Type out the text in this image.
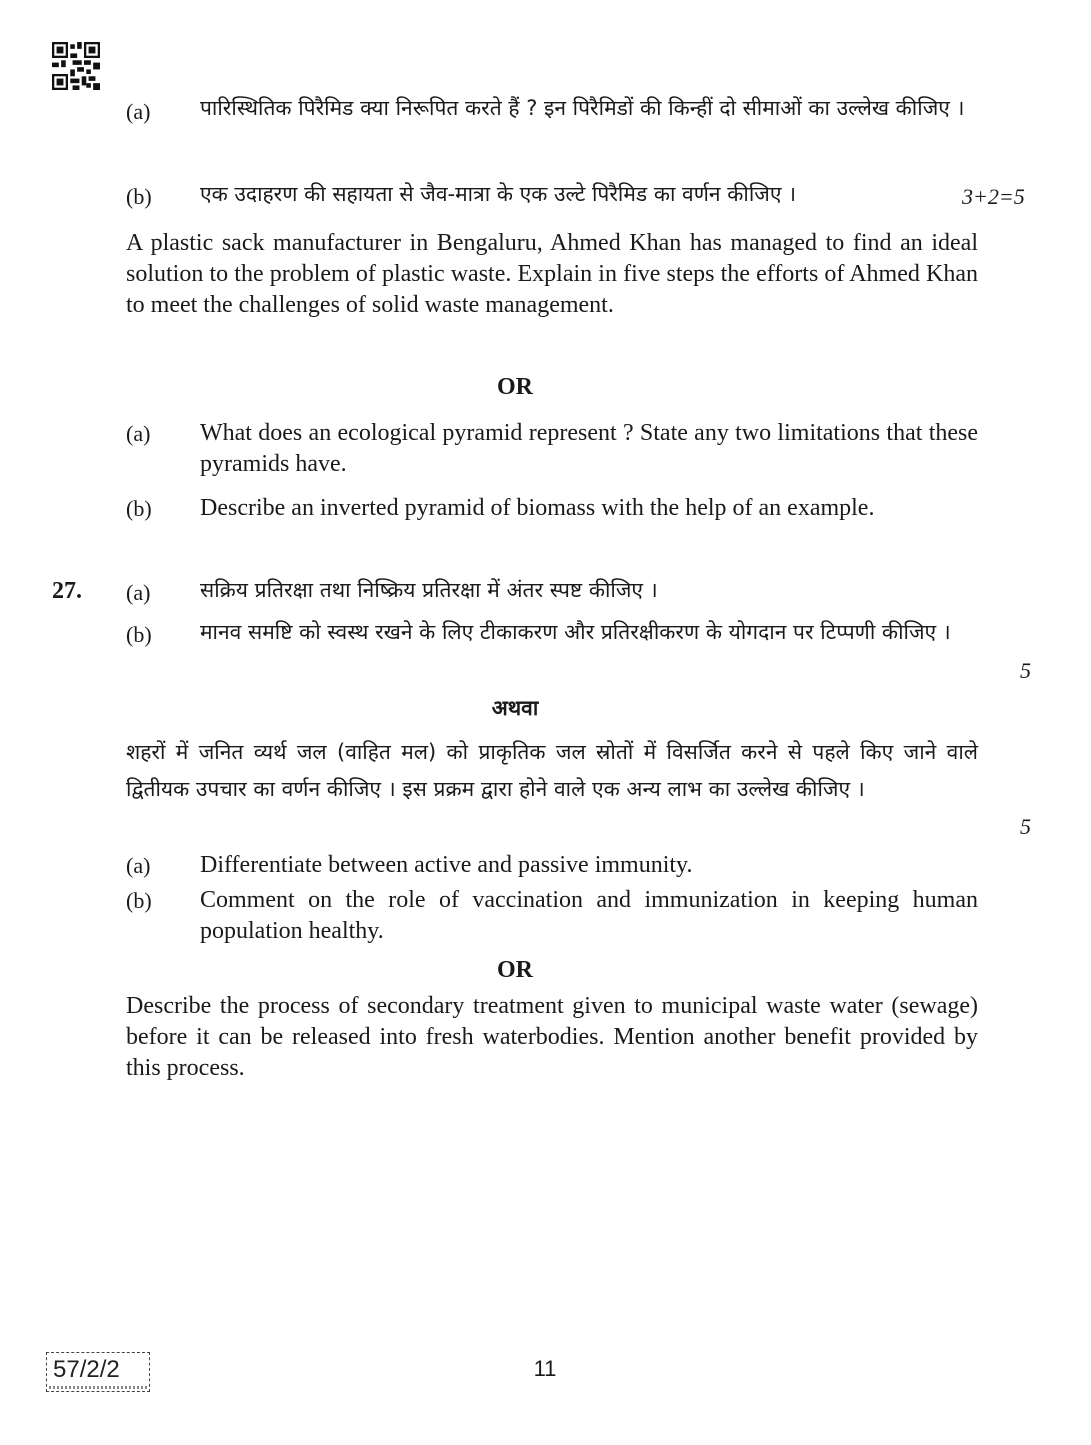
(a) पारिस्थितिक पिरैमिड क्या निरूपित करते हैं ? इन पिरैमिडों की किन्हीं दो सीमाओं का उल्लेख कीजिए ।
(b) एक उदाहरण की सहायता से जैव-मात्रा के एक उल्टे पिरैमिड का वर्णन कीजिए ।	3+2=5
A plastic sack manufacturer in Bengaluru, Ahmed Khan has managed to find an ideal solution to the problem of plastic waste. Explain in five steps the efforts of Ahmed Khan to meet the challenges of solid waste management.
OR
(a) What does an ecological pyramid represent ? State any two limitations that these pyramids have.
(b) Describe an inverted pyramid of biomass with the help of an example.
27. (a) सक्रिय प्रतिरक्षा तथा निष्क्रिय प्रतिरक्षा में अंतर स्पष्ट कीजिए ।
(b) मानव समष्टि को स्वस्थ रखने के लिए टीकाकरण और प्रतिरक्षीकरण के योगदान पर टिप्पणी कीजिए ।
5
अथवा
शहरों में जनित व्यर्थ जल (वाहित मल) को प्राकृतिक जल स्रोतों में विसर्जित करने से पहले किए जाने वाले द्वितीयक उपचार का वर्णन कीजिए । इस प्रक्रम द्वारा होने वाले एक अन्य लाभ का उल्लेख कीजिए ।
5
(a) Differentiate between active and passive immunity.
(b) Comment on the role of vaccination and immunization in keeping human population healthy.
OR
Describe the process of secondary treatment given to municipal waste water (sewage) before it can be released into fresh waterbodies. Mention another benefit provided by this process.
57/2/2	11
